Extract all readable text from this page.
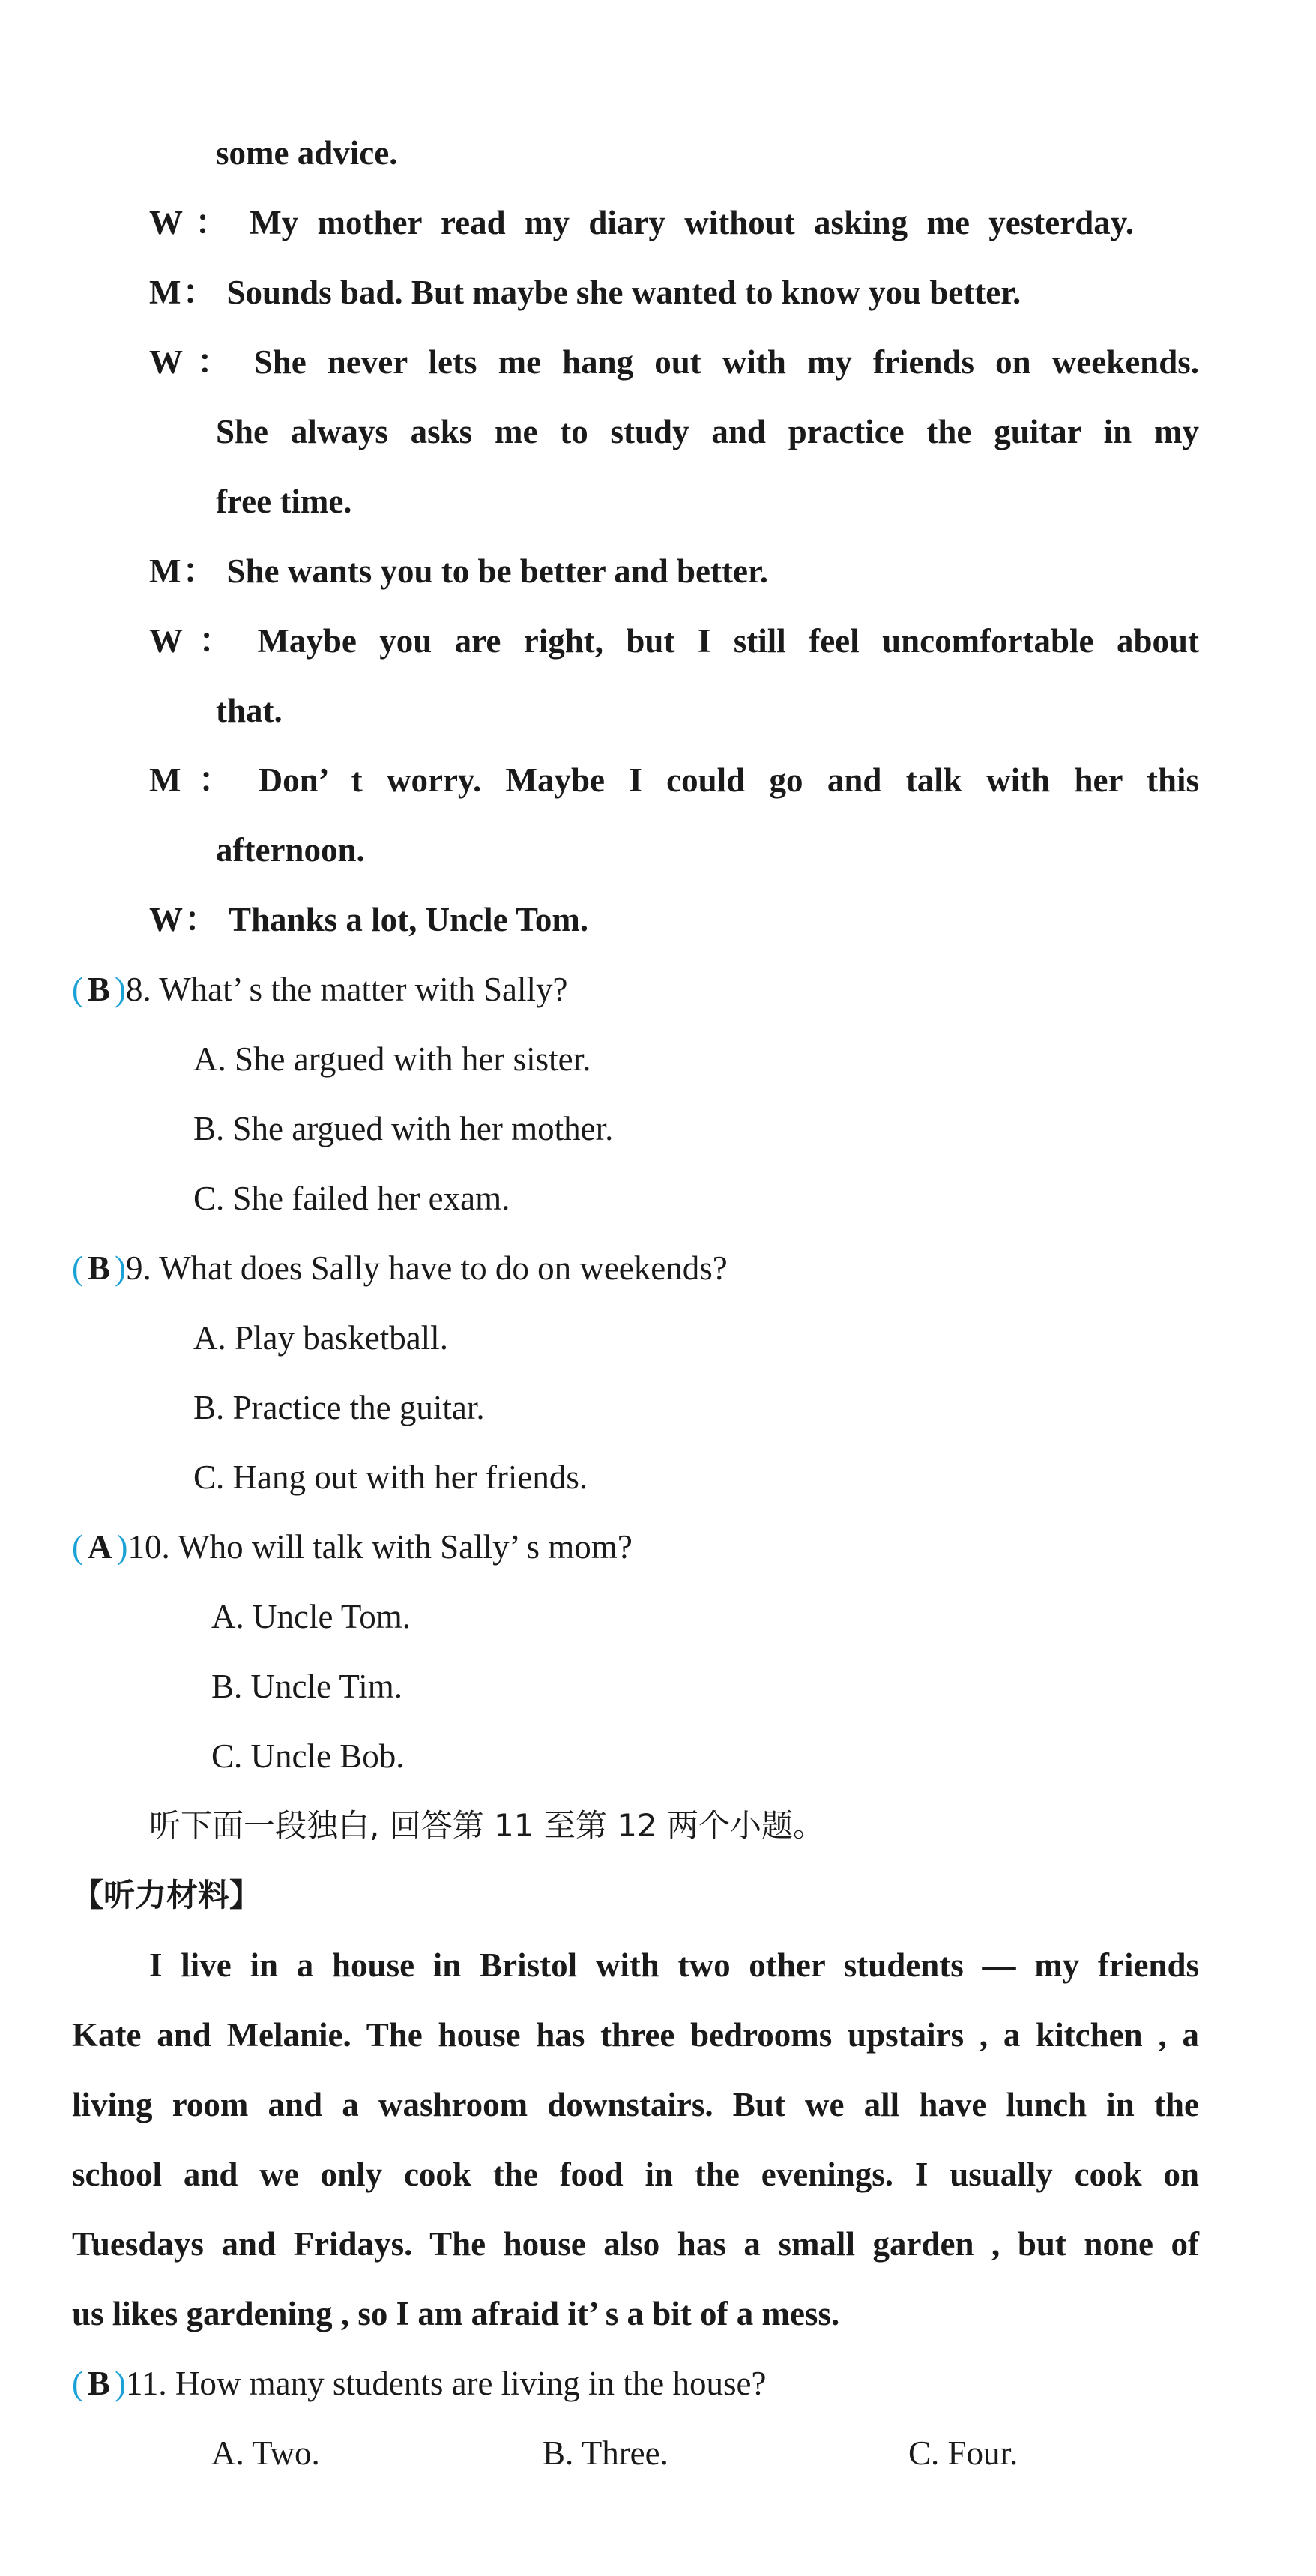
some advice.
W： My mother read my diary without asking me yesterday.
M： Sounds bad. But maybe she wanted to know you better.
W： She never lets me hang out with my friends on weekends.
She always asks me to study and practice the guitar in my
free time.
M： She wants you to be better and better.
W： Maybe you are right, but I still feel uncomfortable about
that.
M： Don’ t worry. Maybe I could go and talk with her this
afternoon.
W： Thanks a lot, Uncle Tom.
( B )8. What’ s the matter with Sally?
A. She argued with her sister.
B. She argued with her mother.
C. She failed her exam.
( B )9. What does Sally have to do on weekends?
A. Play basketball.
B. Practice the guitar.
C. Hang out with her friends.
( A )10. Who will talk with Sally’ s mom?
A. Uncle Tom.
B. Uncle Tim.
C. Uncle Bob.
听下面一段独白, 回答第 11 至第 12 两个小题。
【听力材料】
I live in a house in Bristol with two other students — my friends
Kate and Melanie. The house has three bedrooms upstairs , a kitchen , a
living room and a washroom downstairs. But we all have lunch in the
school and we only cook the food in the evenings. I usually cook on
Tuesdays and Fridays. The house also has a small garden , but none of
us likes gardening , so I am afraid it’ s a bit of a mess.
( B )11. How many students are living in the house?
A. Two.	B. Three.	C. Four.
